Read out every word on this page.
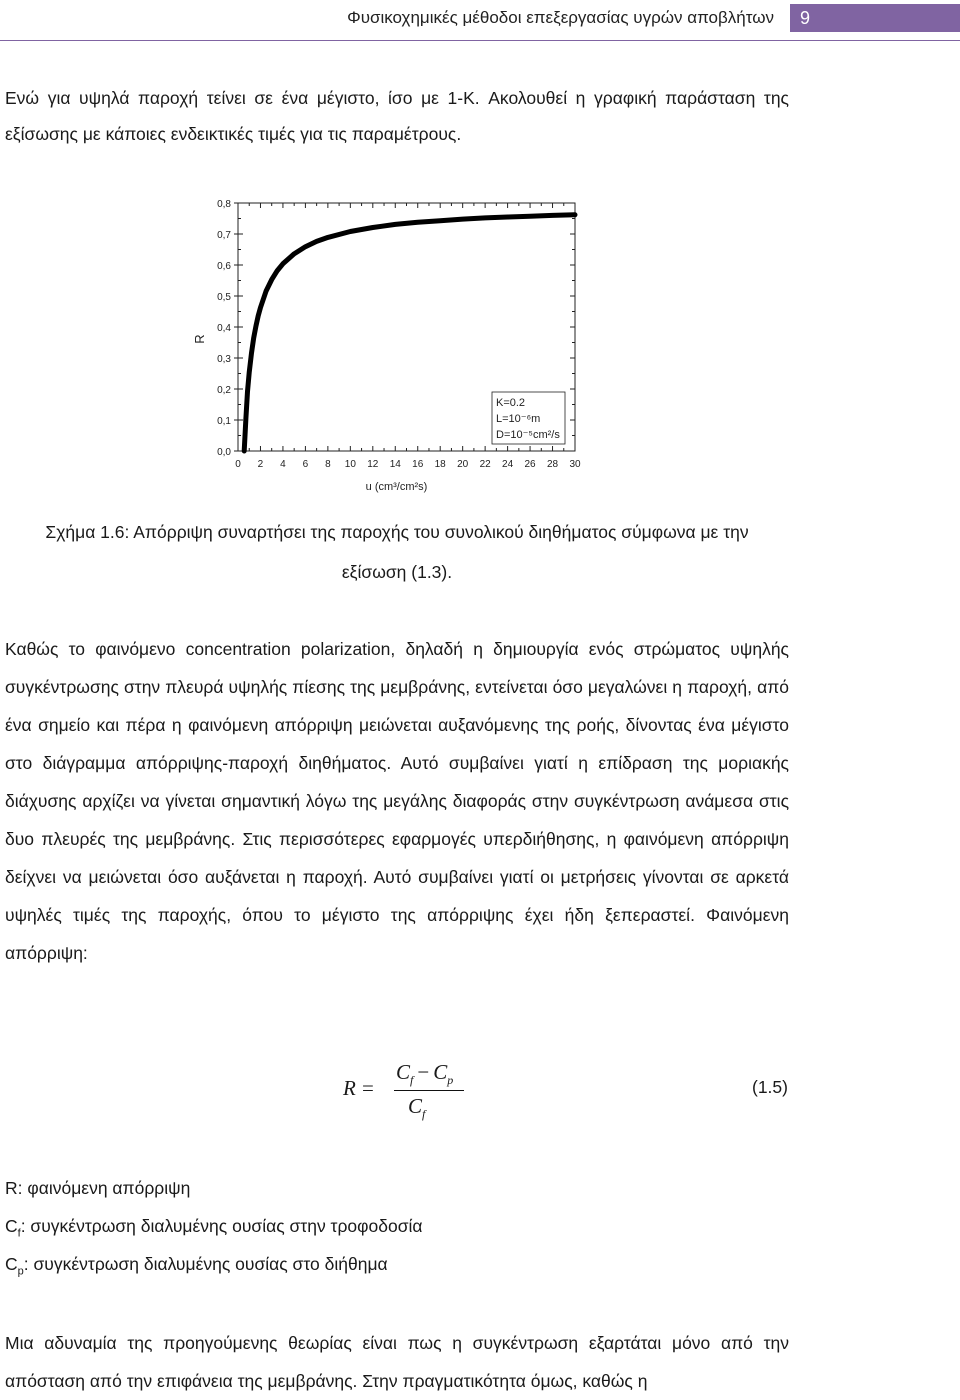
Φυσικοχημικές μέθοδοι επεξεργασίας υγρών αποβλήτων	9

Ενώ για υψηλά παροχή τείνει σε ένα μέγιστο, ίσο με 1-K. Ακολουθεί η γραφική παράσταση της εξίσωσης με κάποιες ενδεικτικές τιμές για τις παραμέτρους.

0 2 4 6 8 10 12 14 16 18 20 22 24 26 28 30
0,0
0,1
0,2
0,3
0,4
0,5
0,6
0,7
0,8
R
u (cm³/cm²s)
K=0.2
L=10⁻⁶m
D=10⁻⁵cm²/s
Σχήμα 1.6: Απόρριψη συναρτήσει της παροχής του συνολικού διηθήματος σύμφωνα με την
εξίσωση (1.3).

Καθώς το φαινόμενο concentration polarization, δηλαδή η δημιουργία ενός στρώματος υψηλής συγκέντρωσης στην πλευρά υψηλής πίεσης της μεμβράνης, εντείνεται όσο μεγαλώνει η παροχή, από ένα σημείο και πέρα η φαινόμενη απόρριψη μειώνεται αυξανόμενης της ροής, δίνοντας ένα μέγιστο στο διάγραμμα απόρριψης-παροχή διηθήματος. Αυτό συμβαίνει γιατί η επίδραση της μοριακής διάχυσης αρχίζει να γίνεται σημαντική λόγω της μεγάλης διαφοράς στην συγκέντρωση ανάμεσα στις δυο πλευρές της μεμβράνης. Στις περισσότερες εφαρμογές υπερδιήθησης, η φαινόμενη απόρριψη δείχνει να μειώνεται όσο αυξάνεται η παροχή. Αυτό συμβαίνει γιατί οι μετρήσεις γίνονται σε αρκετά υψηλές τιμές της παροχής, όπου το μέγιστο της απόρριψης έχει ήδη ξεπεραστεί. Φαινόμενη απόρριψη:

R =
$C_f - C_p$
$C_f$
(1.5)
R: φαινόμενη απόρριψη
$C_f$: συγκέντρωση διαλυμένης ουσίας στην τροφοδοσία
$C_p$: συγκέντρωση διαλυμένης ουσίας στο διήθημα

Μια αδυναμία της προηγούμενης θεωρίας είναι πως η συγκέντρωση εξαρτάται μόνο από την απόσταση από την επιφάνεια της μεμβράνης. Στην πραγματικότητα όμως, καθώς η
